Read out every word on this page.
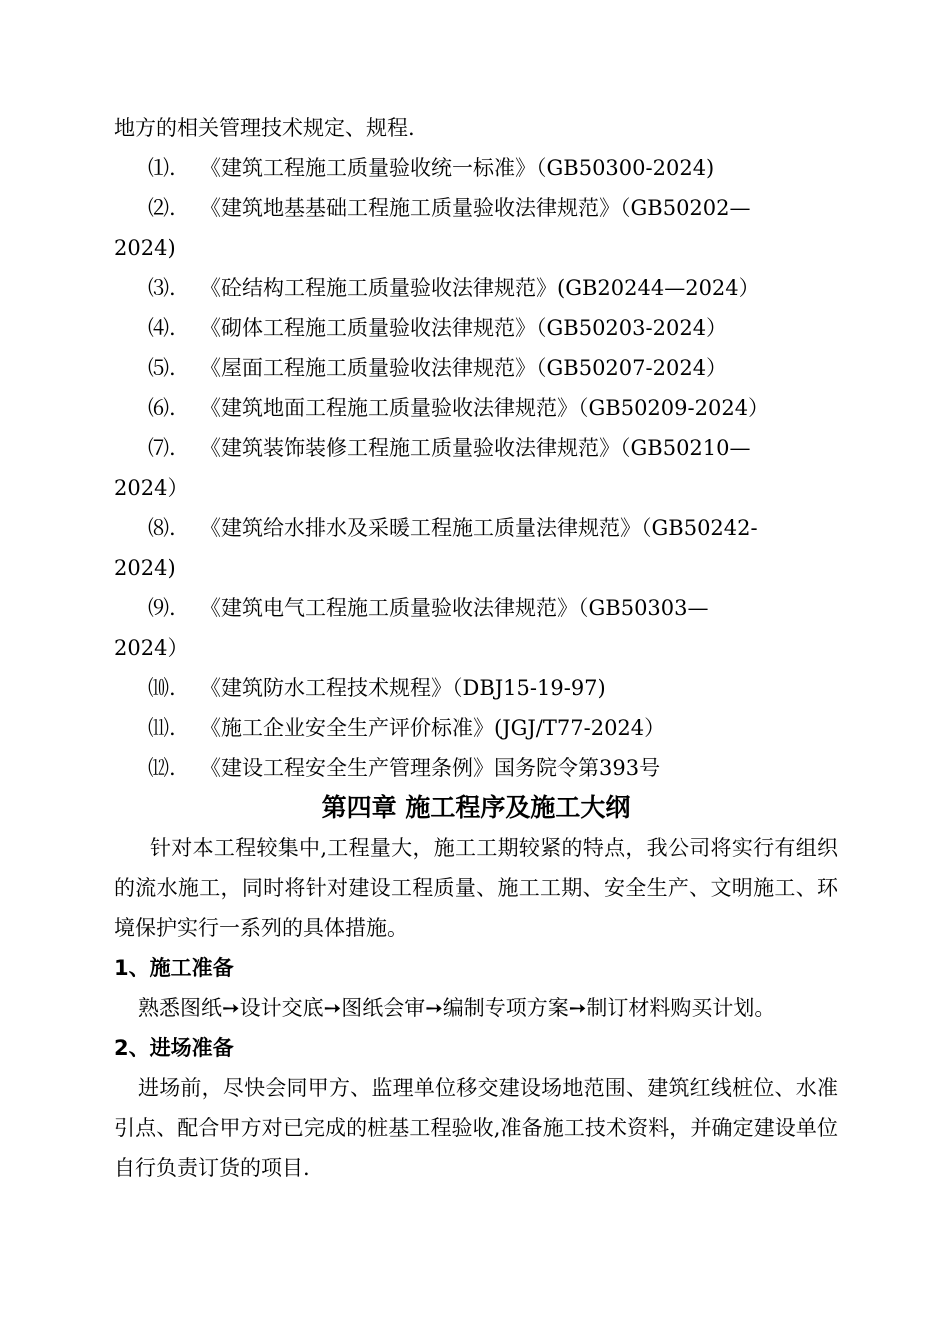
地方的相关管理技术规定、规程.
⑴.	《建筑工程施工质量验收统一标准》（GB50300-2024)
⑵.	《建筑地基基础工程施工质量验收法律规范》（GB50202—
2024)
⑶.	《砼结构工程施工质量验收法律规范》(GB20244—2024）
⑷.	《砌体工程施工质量验收法律规范》（GB50203-2024）
⑸.	《屋面工程施工质量验收法律规范》（GB50207-2024）
⑹.	《建筑地面工程施工质量验收法律规范》（GB50209-2024）
⑺.	《建筑装饰装修工程施工质量验收法律规范》（GB50210—
2024）
⑻.	《建筑给水排水及采暖工程施工质量法律规范》（GB50242-
2024)
⑼.	《建筑电气工程施工质量验收法律规范》（GB50303—
2024）
⑽.	《建筑防水工程技术规程》（DBJ15-19-97)
⑾.	《施工企业安全生产评价标准》(JGJ/T77-2024）
⑿.	《建设工程安全生产管理条例》国务院令第393号
第四章 施工程序及施工大纲

针对本工程较集中,工程量大，施工工期较紧的特点，我公司将实行有组织的流水施工，同时将针对建设工程质量、施工工期、安全生产、文明施工、环境保护实行一系列的具体措施。

1、施工准备

熟悉图纸➙设计交底➙图纸会审➙编制专项方案➙制订材料购买计划。

2、进场准备

进场前，尽快会同甲方、监理单位移交建设场地范围、建筑红线桩位、水准引点、配合甲方对已完成的桩基工程验收,准备施工技术资料，并确定建设单位自行负责订货的项目.
